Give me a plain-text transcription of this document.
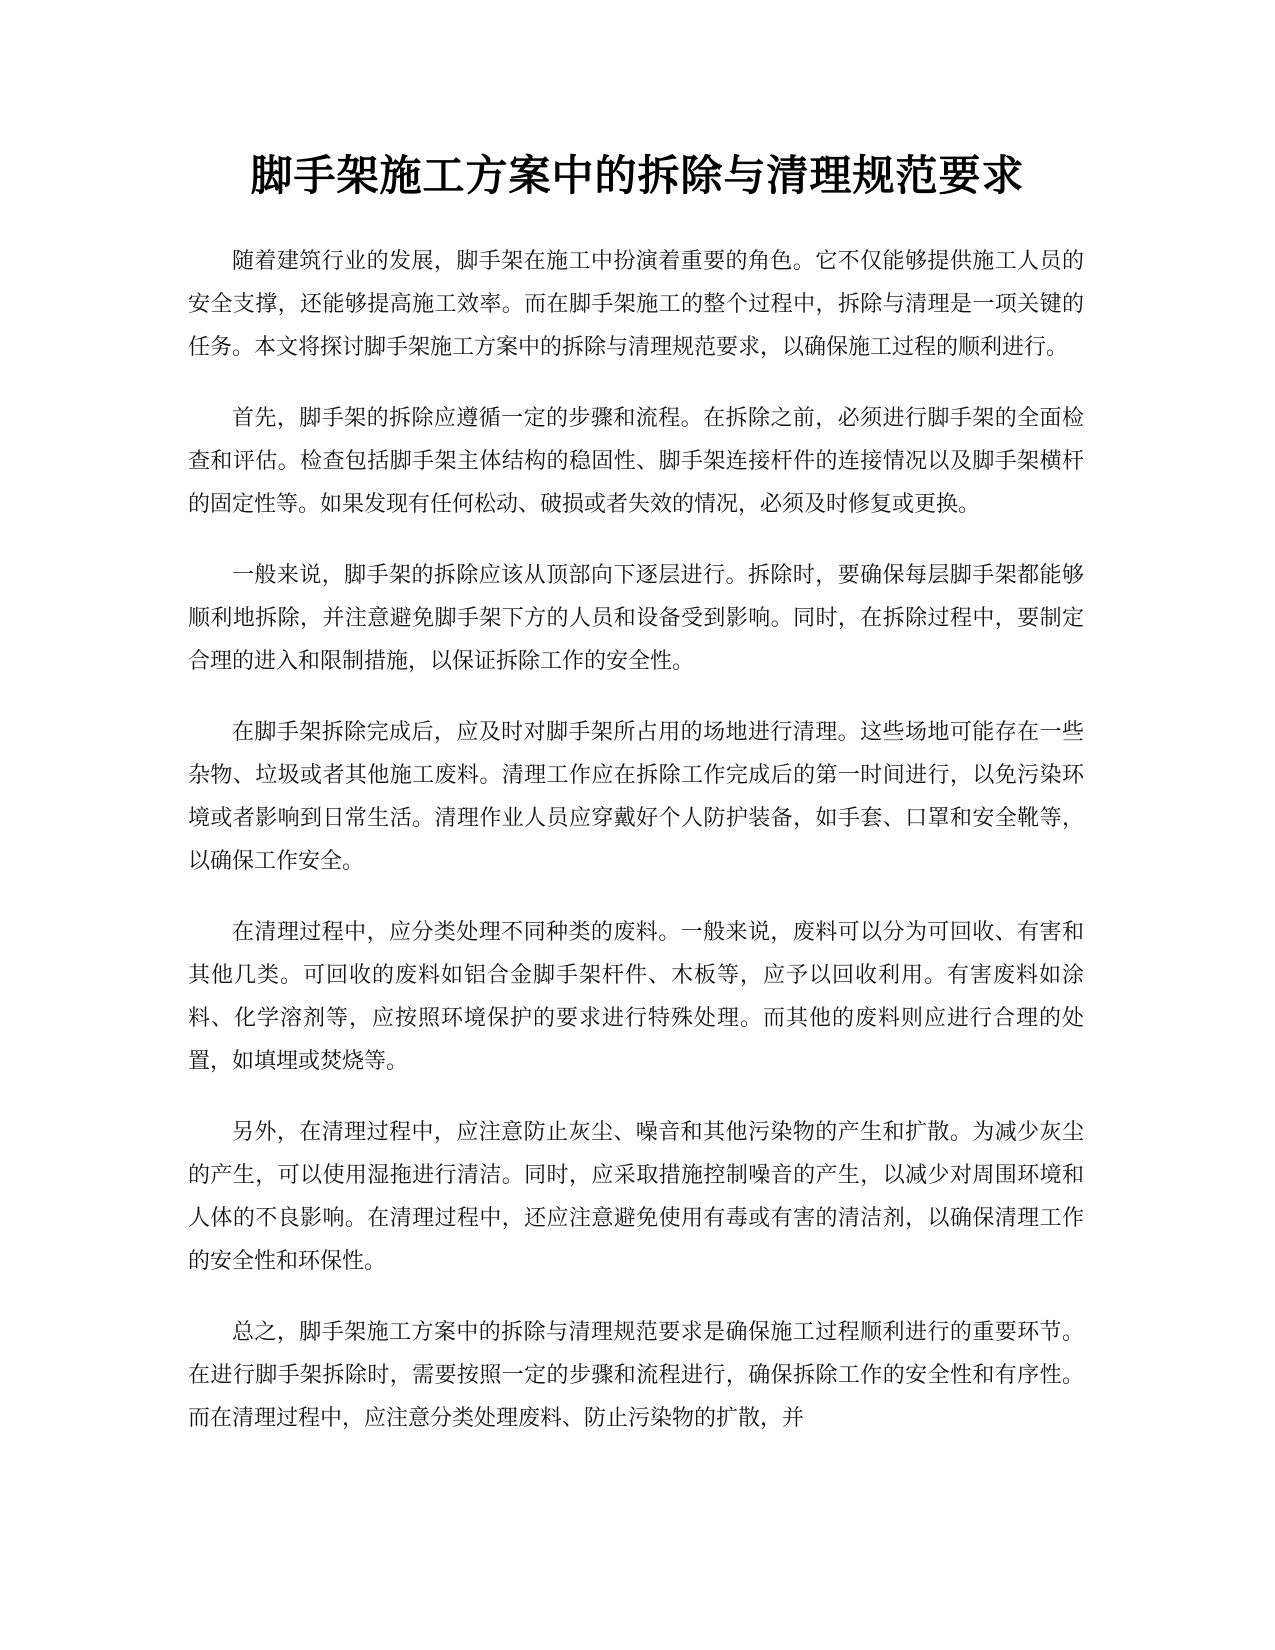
脚手架施工方案中的拆除与清理规范要求

随着建筑行业的发展，脚手架在施工中扮演着重要的角色。它不仅能够提供施工人员的安全支撑，还能够提高施工效率。而在脚手架施工的整个过程中，拆除与清理是一项关键的任务。本文将探讨脚手架施工方案中的拆除与清理规范要求，以确保施工过程的顺利进行。

首先，脚手架的拆除应遵循一定的步骤和流程。在拆除之前，必须进行脚手架的全面检查和评估。检查包括脚手架主体结构的稳固性、脚手架连接杆件的连接情况以及脚手架横杆的固定性等。如果发现有任何松动、破损或者失效的情况，必须及时修复或更换。

一般来说，脚手架的拆除应该从顶部向下逐层进行。拆除时，要确保每层脚手架都能够顺利地拆除，并注意避免脚手架下方的人员和设备受到影响。同时，在拆除过程中，要制定合理的进入和限制措施，以保证拆除工作的安全性。

在脚手架拆除完成后，应及时对脚手架所占用的场地进行清理。这些场地可能存在一些杂物、垃圾或者其他施工废料。清理工作应在拆除工作完成后的第一时间进行，以免污染环境或者影响到日常生活。清理作业人员应穿戴好个人防护装备，如手套、口罩和安全靴等，以确保工作安全。

在清理过程中，应分类处理不同种类的废料。一般来说，废料可以分为可回收、有害和其他几类。可回收的废料如铝合金脚手架杆件、木板等，应予以回收利用。有害废料如涂料、化学溶剂等，应按照环境保护的要求进行特殊处理。而其他的废料则应进行合理的处置，如填埋或焚烧等。

另外，在清理过程中，应注意防止灰尘、噪音和其他污染物的产生和扩散。为减少灰尘的产生，可以使用湿拖进行清洁。同时，应采取措施控制噪音的产生，以减少对周围环境和人体的不良影响。在清理过程中，还应注意避免使用有毒或有害的清洁剂，以确保清理工作的安全性和环保性。

总之，脚手架施工方案中的拆除与清理规范要求是确保施工过程顺利进行的重要环节。在进行脚手架拆除时，需要按照一定的步骤和流程进行，确保拆除工作的安全性和有序性。而在清理过程中，应注意分类处理废料、防止污染物的扩散，并
